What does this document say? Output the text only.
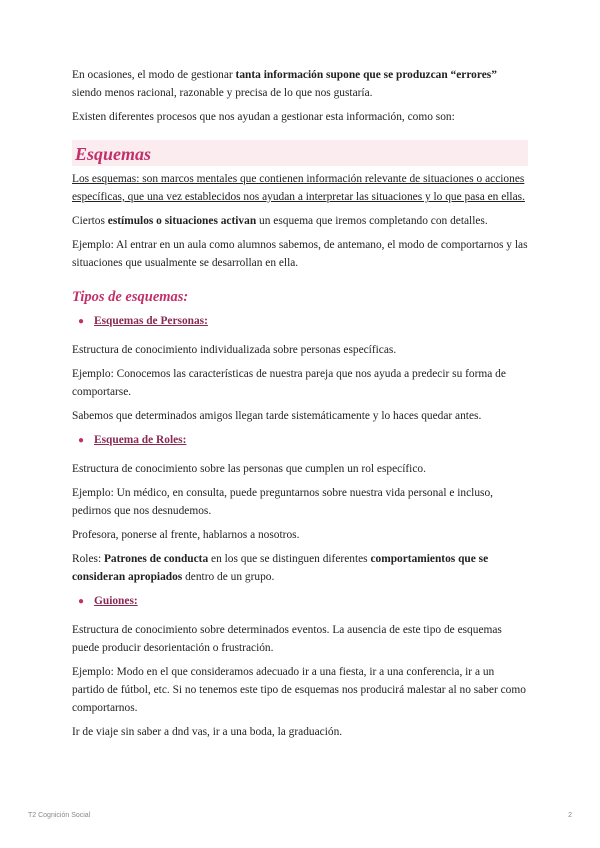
En ocasiones, el modo de gestionar tanta información supone que se produzcan “errores” siendo menos racional, razonable y precisa de lo que nos gustaría.

Existen diferentes procesos que nos ayudan a gestionar esta información, como son:

Esquemas

Los esquemas: son marcos mentales que contienen información relevante de situaciones o acciones específicas, que una vez establecidos nos ayudan a interpretar las situaciones y lo que pasa en ellas.

Ciertos estímulos o situaciones activan un esquema que iremos completando con detalles.

Ejemplo: Al entrar en un aula como alumnos sabemos, de antemano, el modo de comportarnos y las situaciones que usualmente se desarrollan en ella.

Tipos de esquemas:
● Esquemas de Personas:

Estructura de conocimiento individualizada sobre personas específicas.

Ejemplo: Conocemos las características de nuestra pareja que nos ayuda a predecir su forma de comportarse.

Sabemos que determinados amigos llegan tarde sistemáticamente y lo haces quedar antes.

● Esquema de Roles:

Estructura de conocimiento sobre las personas que cumplen un rol específico.

Ejemplo: Un médico, en consulta, puede preguntarnos sobre nuestra vida personal e incluso, pedirnos que nos desnudemos.

Profesora, ponerse al frente, hablarnos a nosotros.

Roles: Patrones de conducta en los que se distinguen diferentes comportamientos que se consideran apropiados dentro de un grupo.

● Guiones:

Estructura de conocimiento sobre determinados eventos. La ausencia de este tipo de esquemas puede producir desorientación o frustración.

Ejemplo: Modo en el que consideramos adecuado ir a una fiesta, ir a una conferencia, ir a un partido de fútbol, etc. Si no tenemos este tipo de esquemas nos producirá malestar al no saber como comportarnos.

Ir de viaje sin saber a dnd vas, ir a una boda, la graduación.

T2 Cognición Social	2
